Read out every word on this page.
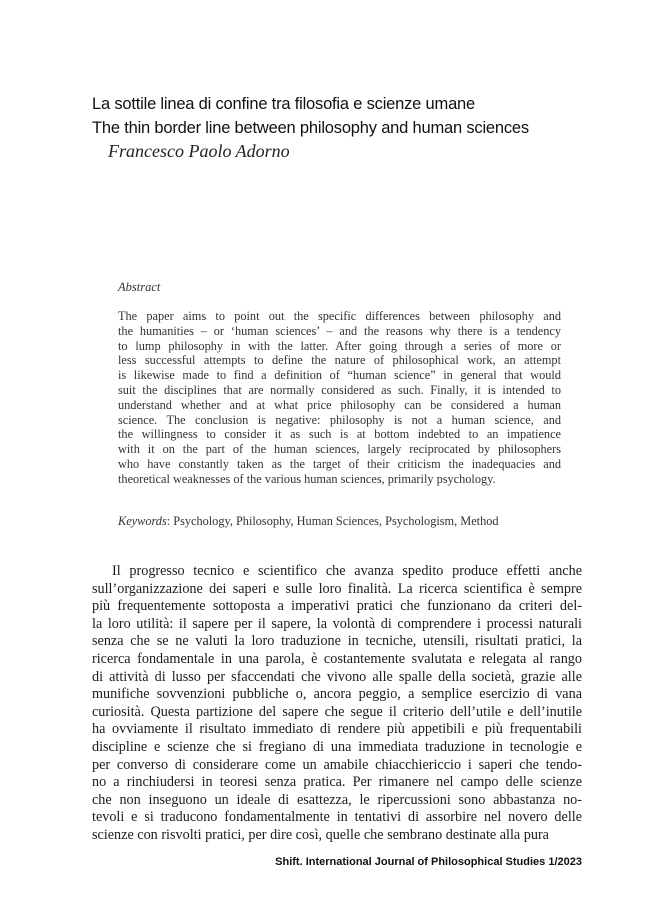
La sottile linea di confine tra filosofia e scienze umane
The thin border line between philosophy and human sciences
Francesco Paolo Adorno
Abstract
The paper aims to point out the specific differences between philosophy and
the humanities – or ‘human sciences’ – and the reasons why there is a tendency
to lump philosophy in with the latter. After going through a series of more or
less successful attempts to define the nature of philosophical work, an attempt
is likewise made to find a definition of “human science” in general that would
suit the disciplines that are normally considered as such. Finally, it is intended to
understand whether and at what price philosophy can be considered a human
science. The conclusion is negative: philosophy is not a human science, and
the willingness to consider it as such is at bottom indebted to an impatience
with it on the part of the human sciences, largely reciprocated by philosophers
who have constantly taken as the target of their criticism the inadequacies and
theoretical weaknesses of the various human sciences, primarily psychology.
Keywords: Psychology, Philosophy, Human Sciences, Psychologism, Method
Il progresso tecnico e scientifico che avanza spedito produce effetti anche
sull’organizzazione dei saperi e sulle loro finalità. La ricerca scientifica è sempre
più frequentemente sottoposta a imperativi pratici che funzionano da criteri del-
la loro utilità: il sapere per il sapere, la volontà di comprendere i processi naturali
senza che se ne valuti la loro traduzione in tecniche, utensili, risultati pratici, la
ricerca fondamentale in una parola, è costantemente svalutata e relegata al rango
di attività di lusso per sfaccendati che vivono alle spalle della società, grazie alle
munifiche sovvenzioni pubbliche o, ancora peggio, a semplice esercizio di vana
curiosità. Questa partizione del sapere che segue il criterio dell’utile e dell’inutile
ha ovviamente il risultato immediato di rendere più appetibili e più frequentabili
discipline e scienze che si fregiano di una immediata traduzione in tecnologie e
per converso di considerare come un amabile chiacchiericcio i saperi che tendo-
no a rinchiudersi in teoresi senza pratica. Per rimanere nel campo delle scienze
che non inseguono un ideale di esattezza, le ripercussioni sono abbastanza no-
tevoli e si traducono fondamentalmente in tentativi di assorbire nel novero delle
scienze con risvolti pratici, per dire così, quelle che sembrano destinate alla pura
Shift. International Journal of Philosophical Studies 1/2023
